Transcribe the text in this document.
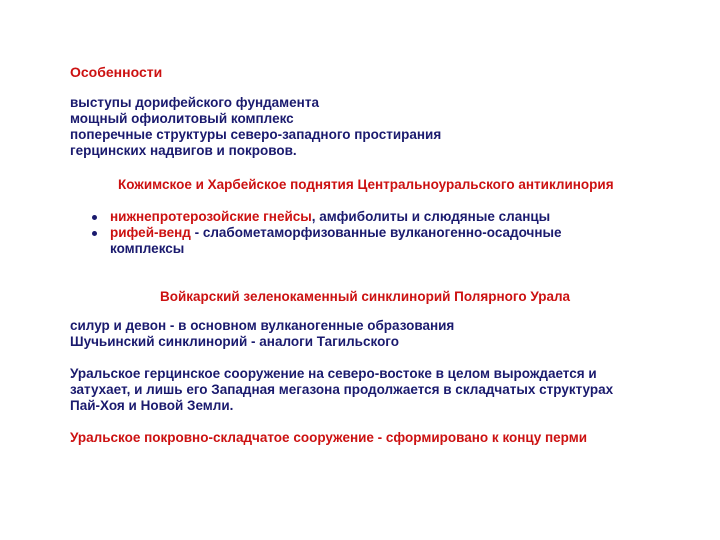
Особенности
выступы дорифейского фундамента
мощный офиолитовый комплекс
поперечные структуры северо-западного простирания
герцинских надвигов и покровов.
Кожимское и Харбейское поднятия Центральноуральского антиклинория
нижнепротерозойские гнейсы, амфиболиты и слюдяные сланцы
рифей-венд - слабометаморфизованные вулканогенно-осадочные комплексы
Войкарский зеленокаменный синклинорий Полярного Урала
силур и девон - в основном вулканогенные образования
Шучьинский синклинорий - аналоги Тагильского
Уральское герцинское сооружение на северо-востоке в целом вырождается и
затухает, и лишь его Западная мегазона продолжается в складчатых структурах
Пай-Хоя и Новой Земли.
Уральское покровно-складчатое сооружение - сформировано к концу перми
